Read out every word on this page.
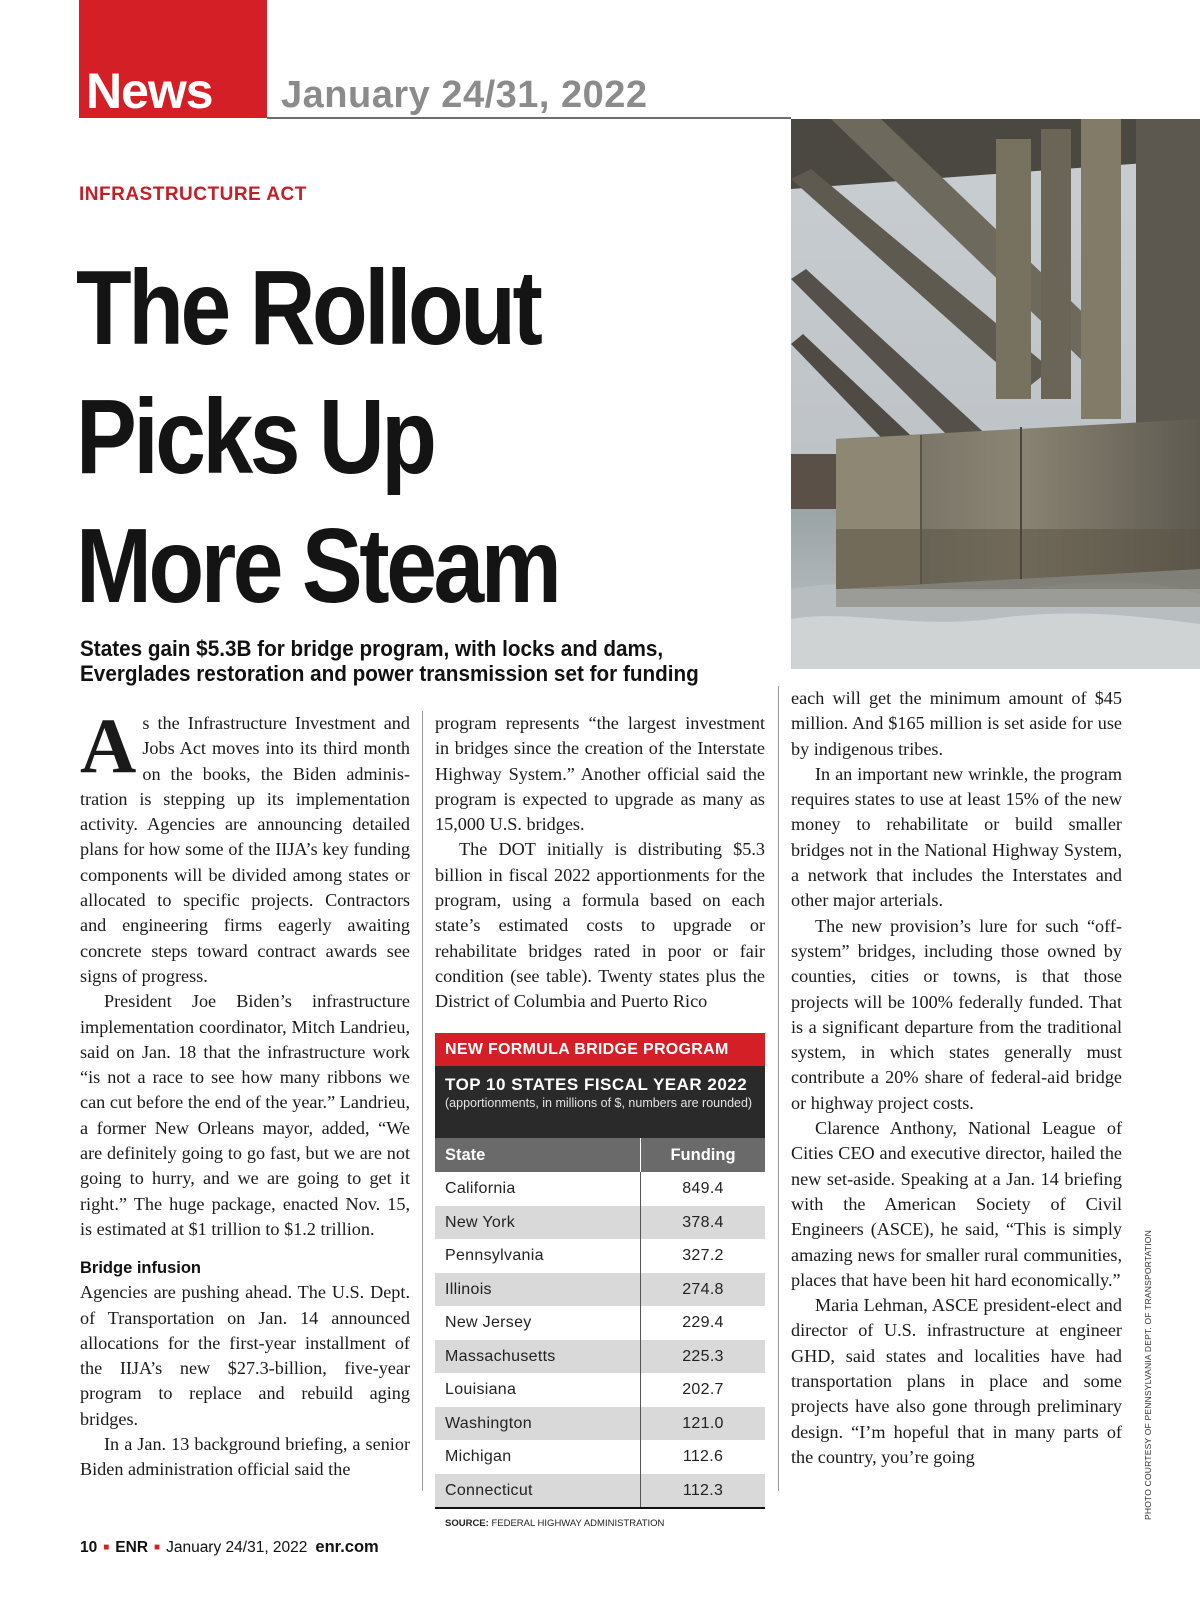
News January 24/31, 2022
INFRASTRUCTURE ACT
The Rollout
Picks Up
More Steam
States gain $5.3B for bridge program, with locks and dams, Everglades restoration and power transmission set for funding

As the Infrastructure Investment and Jobs Act moves into its third month on the books, the Biden administration is stepping up its implementation activity. Agencies are announcing detailed plans for how some of the IIJA’s key funding components will be divided among states or allocated to specific projects. Contractors and engineering firms eagerly awaiting concrete steps toward contract awards see signs of progress.

President Joe Biden’s infrastructure implementation coordinator, Mitch Landrieu, said on Jan. 18 that the infrastructure work “is not a race to see how many ribbons we can cut before the end of the year.” Landrieu, a former New Orleans mayor, added, “We are definitely going to go fast, but we are not going to hurry, and we are going to get it right.” The huge package, enacted Nov. 15, is estimated at $1 trillion to $1.2 trillion.

Bridge infusion

Agencies are pushing ahead. The U.S. Dept. of Transportation on Jan. 14 announced allocations for the first-year installment of the IIJA’s new $27.3-billion, five-year program to replace and rebuild aging bridges.

In a Jan. 13 background briefing, a senior Biden administration official said the

program represents “the largest investment in bridges since the creation of the Interstate Highway System.” Another official said the program is expected to upgrade as many as 15,000 U.S. bridges.

The DOT initially is distributing $5.3 billion in fiscal 2022 apportionments for the program, using a formula based on each state’s estimated costs to upgrade or rehabilitate bridges rated in poor or fair condition (see table). Twenty states plus the District of Columbia and Puerto Rico

NEW FORMULA BRIDGE PROGRAM
TOP 10 STATES FISCAL YEAR 2022
(apportionments, in millions of $, numbers are rounded)
State	Funding
California	849.4
New York	378.4
Pennsylvania	327.2
Illinois	274.8
New Jersey	229.4
Massachusetts	225.3
Louisiana	202.7
Washington	121.0
Michigan	112.6
Connecticut	112.3
SOURCE: FEDERAL HIGHWAY ADMINISTRATION

each will get the minimum amount of $45 million. And $165 million is set aside for use by indigenous tribes.

In an important new wrinkle, the program requires states to use at least 15% of the new money to rehabilitate or build smaller bridges not in the National Highway System, a network that includes the Interstates and other major arterials.

The new provision’s lure for such “off-system” bridges, including those owned by counties, cities or towns, is that those projects will be 100% federally funded. That is a significant departure from the traditional system, in which states generally must contribute a 20% share of federal-aid bridge or highway project costs.

Clarence Anthony, National League of Cities CEO and executive director, hailed the new set-aside. Speaking at a Jan. 14 briefing with the American Society of Civil Engineers (ASCE), he said, “This is simply amazing news for smaller rural communities, places that have been hit hard economically.”

Maria Lehman, ASCE president-elect and director of U.S. infrastructure at engineer GHD, said states and localities have had transportation plans in place and some projects have also gone through preliminary design. “I’m hopeful that in many parts of the country, you’re going	PHOTO COURTESY OF PENNSYLVANIA DEPT. OF TRANSPORTATION
10 ■ ENR ■ January 24/31, 2022 enr.com
